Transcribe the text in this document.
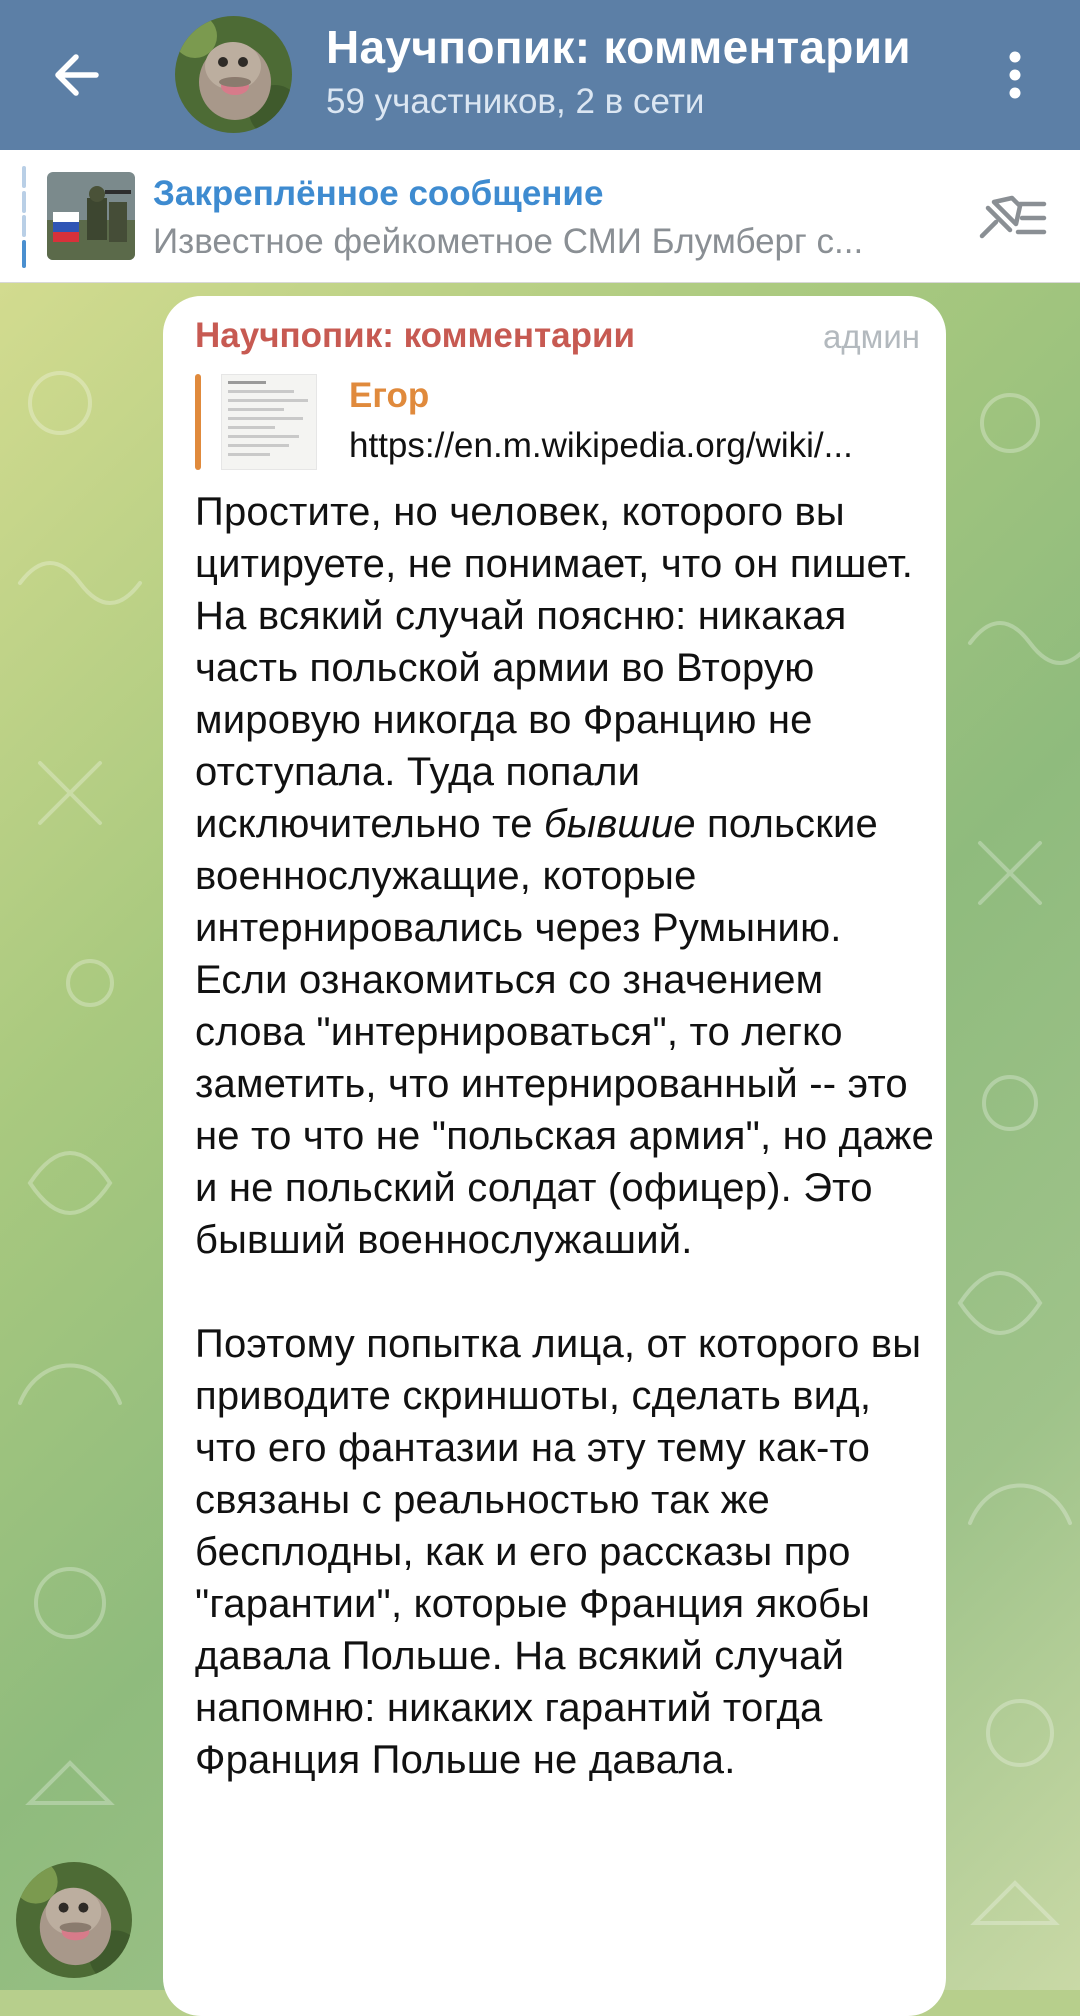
Научпопик: комментарии
59 участников, 2 в сети
Закреплённое сообщение
Известное фейкометное СМИ Блумберг с...
Научпопик: комментарии	админ
Егор
https://en.m.wikipedia.org/wiki/...

Простите, но человек, которого вы цитируете, не понимает, что он пишет. На всякий случай поясню: никакая часть польской армии во Вторую мировую никогда во Францию не отступала. Туда попали исключительно те бывшие польские военнослужащие, которые интернировались через Румынию. Если ознакомиться со значением слова "интернироваться", то легко заметить, что интернированный -- это не то что не "польская армия", но даже и не польский солдат (офицер). Это бывший военнослужаший.

Поэтому попытка лица, от которого вы приводите скриншоты, сделать вид, что его фантазии на эту тему как-то связаны с реальностью так же бесплодны, как и его рассказы про "гарантии", которые Франция якобы давала Польше. На всякий случай напомню: никаких гарантий тогда Франция Польше не давала.
